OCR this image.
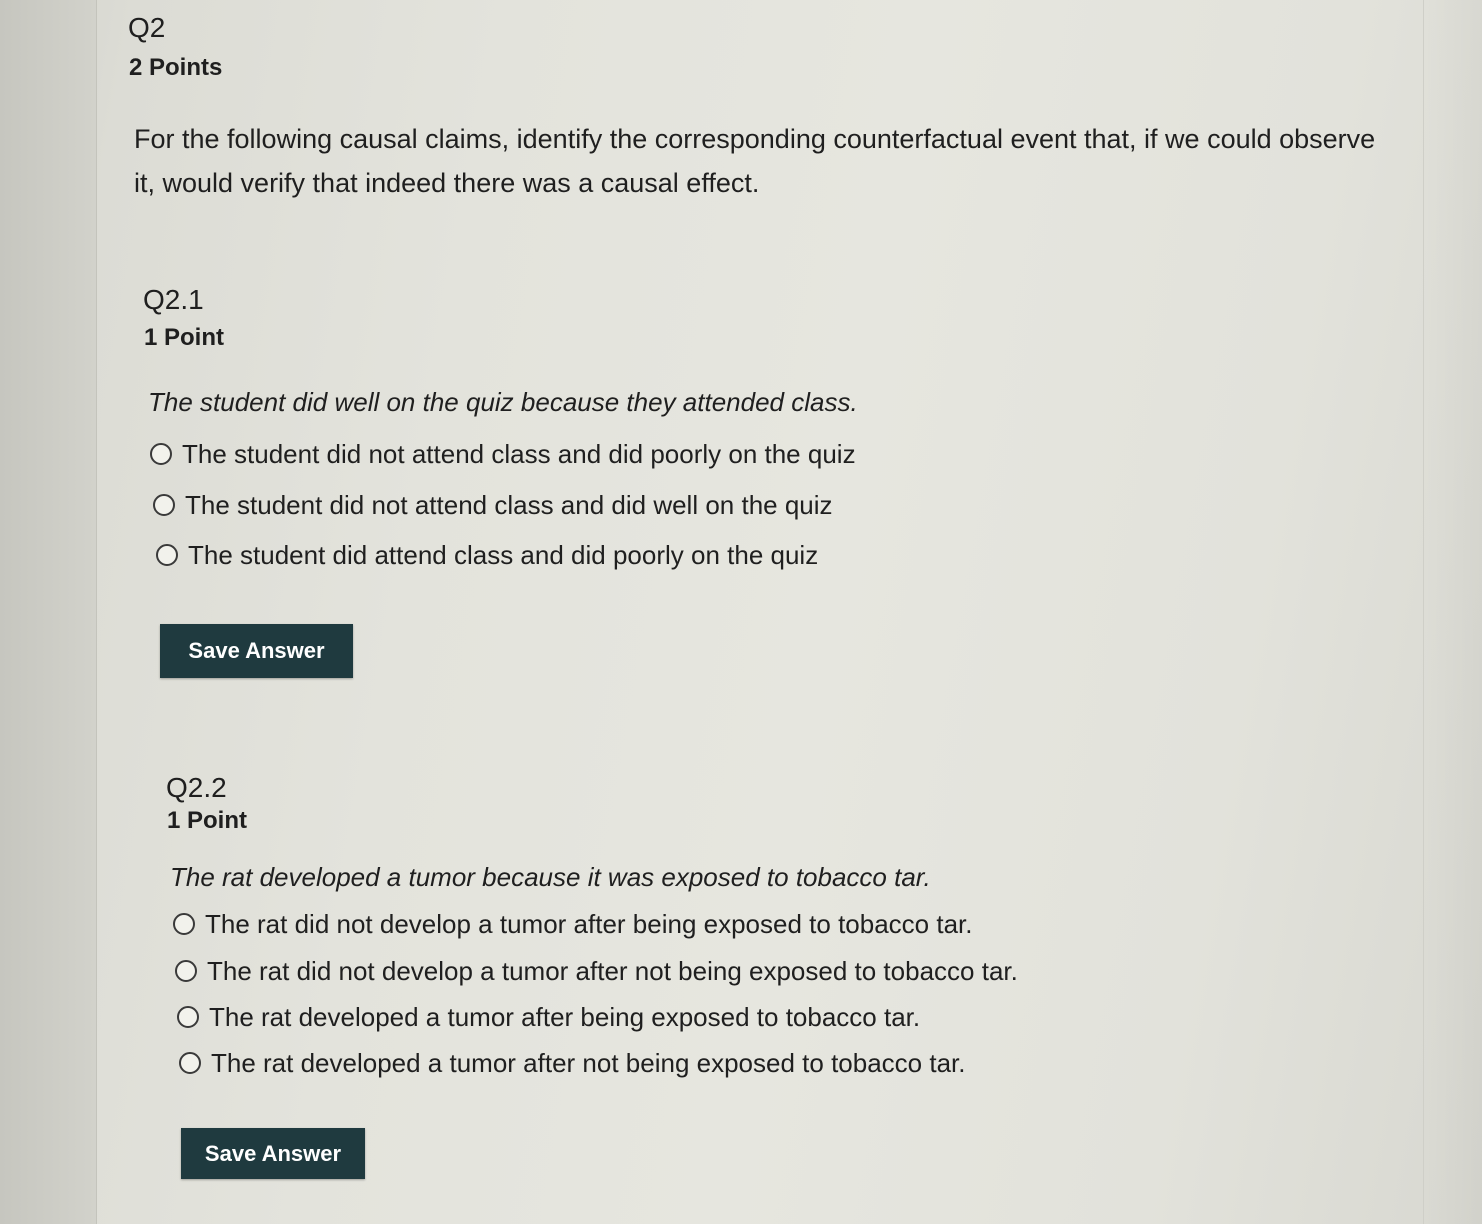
Q2
2 Points

For the following causal claims, identify the corresponding counterfactual event that, if we could observe it, would verify that indeed there was a causal effect.

Q2.1
1 Point
The student did well on the quiz because they attended class.
The student did not attend class and did poorly on the quiz
The student did not attend class and did well on the quiz
The student did attend class and did poorly on the quiz
Save Answer
Q2.2
1 Point
The rat developed a tumor because it was exposed to tobacco tar.
The rat did not develop a tumor after being exposed to tobacco tar.
The rat did not develop a tumor after not being exposed to tobacco tar.
The rat developed a tumor after being exposed to tobacco tar.
The rat developed a tumor after not being exposed to tobacco tar.
Save Answer
